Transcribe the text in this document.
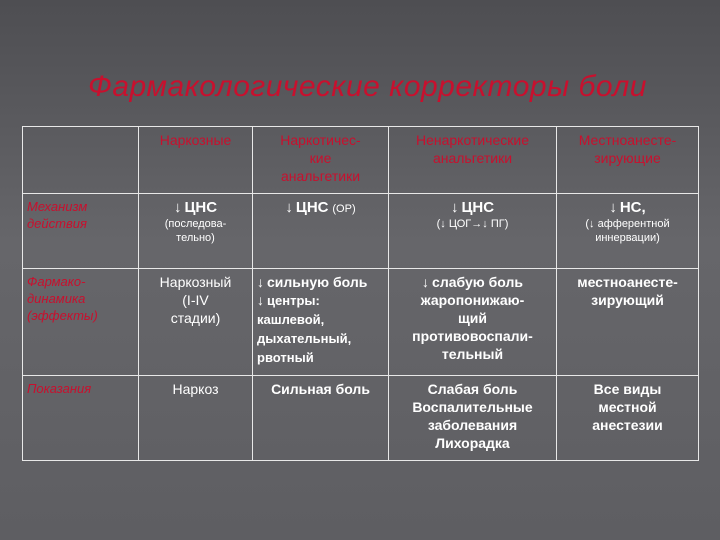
Фармакологические корректоры боли
	Наркозные	Наркотичес-
кие
анальгетики	Ненаркотические
анальгетики	Местноанесте-
зирующие
Механизм
действия	↓ ЦНС
(последова-
тельно)	↓ ЦНС (ОР)	↓ ЦНС
(↓ ЦОГ→↓ ПГ)	↓ НС,
(↓ афферентной
иннервации)

Фармако-
динамика
(эффекты)	Наркозный
(I-IV
стадии)	↓ сильную боль
↓ центры:
кашлевой,
дыхательный,
рвотный	↓ слабую боль
жаропонижаю-
щий
противовоспали-
тельный	местноанесте-
зирующий
Показания	Наркоз	Сильная боль	Слабая боль
Воспалительные
заболевания
Лихорадка	Все виды
местной
анестезии
